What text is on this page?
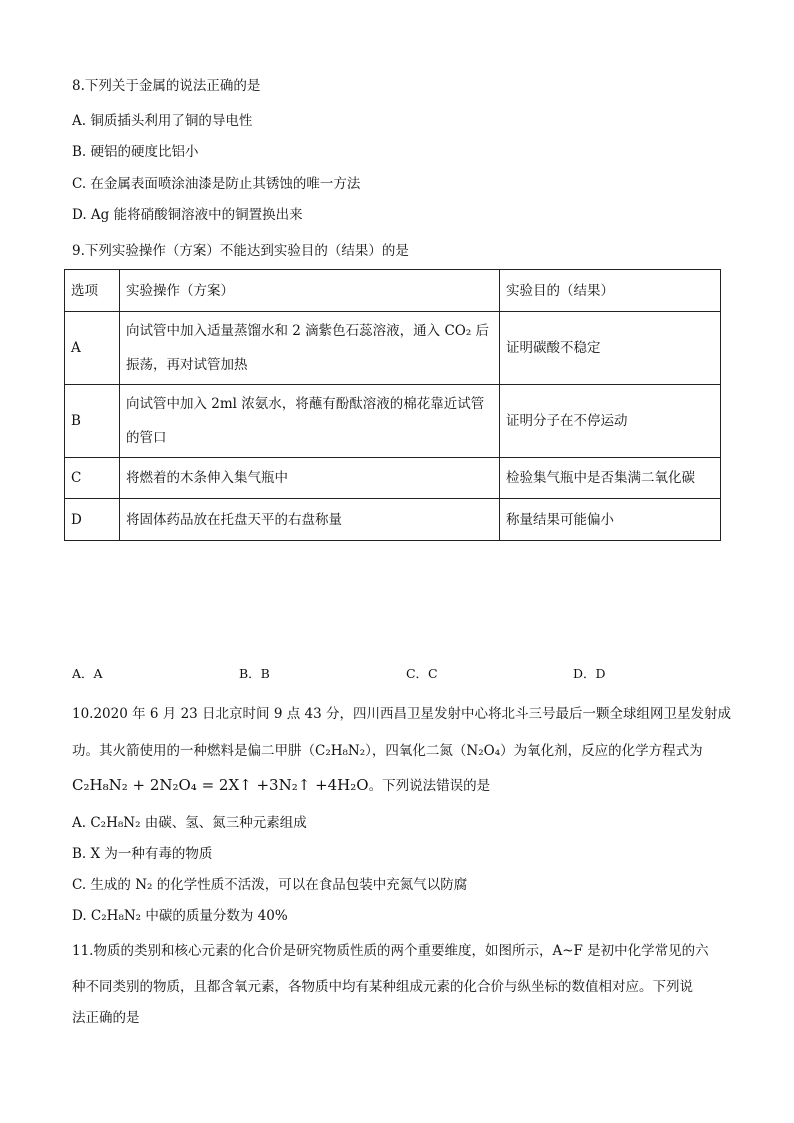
8.下列关于金属的说法正确的是
A. 铜质插头利用了铜的导电性
B. 硬铝的硬度比铝小
C. 在金属表面喷涂油漆是防止其锈蚀的唯一方法
D. Ag 能将硝酸铜溶液中的铜置换出来
9.下列实验操作（方案）不能达到实验目的（结果）的是
选项	实验操作（方案）	实验目的（结果）
A	向试管中加入适量蒸馏水和 2 滴紫色石蕊溶液，通入 CO₂ 后振荡，再对试管加热	证明碳酸不稳定
B	向试管中加入 2ml 浓氨水，将蘸有酚酞溶液的棉花靠近试管的管口	证明分子在不停运动
C	将燃着的木条伸入集气瓶中	检验集气瓶中是否集满二氧化碳
D	将固体药品放在托盘天平的右盘称量	称量结果可能偏小
A．A	B．B	C．C	D．D
10.2020 年 6 月 23 日北京时间 9 点 43 分，四川西昌卫星发射中心将北斗三号最后一颗全球组网卫星发射成
功。其火箭使用的一种燃料是偏二甲肼（C₂H₈N₂），四氧化二氮（N₂O₄）为氧化剂，反应的化学方程式为
C₂H₈N₂ + 2N₂O₄ = 2X↑ +3N₂↑ +4H₂O。下列说法错误的是
A. C₂H₈N₂ 由碳、氢、氮三种元素组成
B. X 为一种有毒的物质
C. 生成的 N₂ 的化学性质不活泼，可以在食品包装中充氮气以防腐
D. C₂H₈N₂ 中碳的质量分数为 40%
11.物质的类别和核心元素的化合价是研究物质性质的两个重要维度，如图所示，A~F 是初中化学常见的六
种不同类别的物质，且都含氧元素，各物质中均有某种组成元素的化合价与纵坐标的数值相对应。下列说
法正确的是
